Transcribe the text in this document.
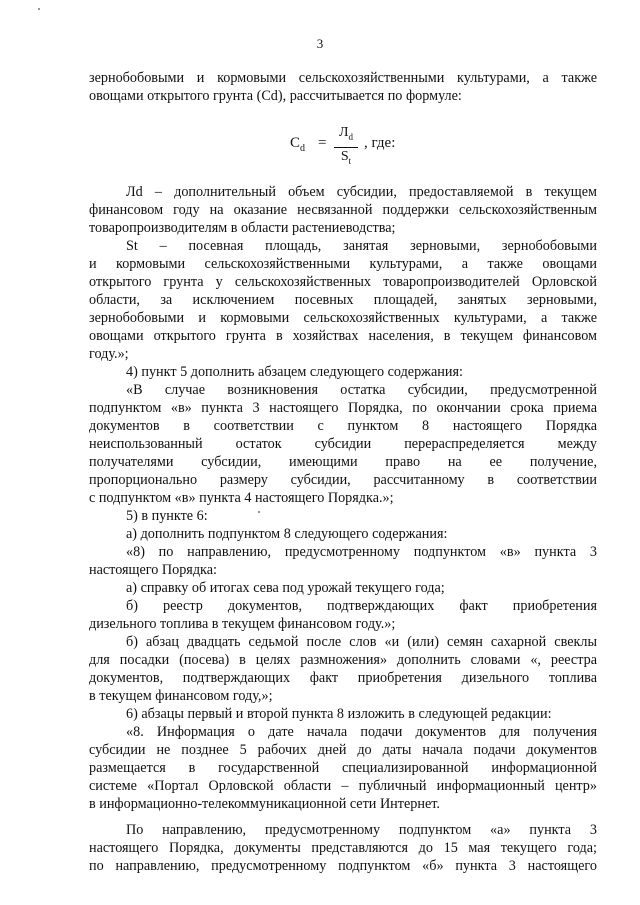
3
$C_d$ =
$Л_d$
$S_t$
, где:
зернобобовыми и кормовыми сельскохозяйственными культурами, а также
овощами открытого грунта (Cd), рассчитывается по формуле:
Лd – дополнительный объем субсидии, предоставляемой в текущем
финансовом году на оказание несвязанной поддержки сельскохозяйственным
товаропроизводителям в области растениеводства;
St – посевная площадь, занятая зерновыми, зернобобовыми
и кормовыми сельскохозяйственными культурами, а также овощами
открытого грунта у сельскохозяйственных товаропроизводителей Орловской
области, за исключением посевных площадей, занятых зерновыми,
зернобобовыми и кормовыми сельскохозяйственных культурами, а также
овощами открытого грунта в хозяйствах населения, в текущем финансовом
году.»;
4) пункт 5 дополнить абзацем следующего содержания:
«В случае возникновения остатка субсидии, предусмотренной
подпунктом «в» пункта 3 настоящего Порядка, по окончании срока приема
документов в соответствии с пунктом 8 настоящего Порядка
неиспользованный остаток субсидии перераспределяется между
получателями субсидии, имеющими право на ее получение,
пропорционально размеру субсидии, рассчитанному в соответствии
с подпунктом «в» пункта 4 настоящего Порядка.»;
5) в пункте 6:
а) дополнить подпунктом 8 следующего содержания:
«8) по направлению, предусмотренному подпунктом «в» пункта 3
настоящего Порядка:
а) справку об итогах сева под урожай текущего года;
б) реестр документов, подтверждающих факт приобретения
дизельного топлива в текущем финансовом году.»;
б) абзац двадцать седьмой после слов «и (или) семян сахарной свеклы
для посадки (посева) в целях размножения» дополнить словами «, реестра
документов, подтверждающих факт приобретения дизельного топлива
в текущем финансовом году,»;
6) абзацы первый и второй пункта 8 изложить в следующей редакции:
«8. Информация о дате начала подачи документов для получения
субсидии не позднее 5 рабочих дней до даты начала подачи документов
размещается в государственной специализированной информационной
системе «Портал Орловской области – публичный информационный центр»
в информационно-телекоммуникационной сети Интернет.
По направлению, предусмотренному подпунктом «а» пункта 3
настоящего Порядка, документы представляются до 15 мая текущего года;
по направлению, предусмотренному подпунктом «б» пункта 3 настоящего
